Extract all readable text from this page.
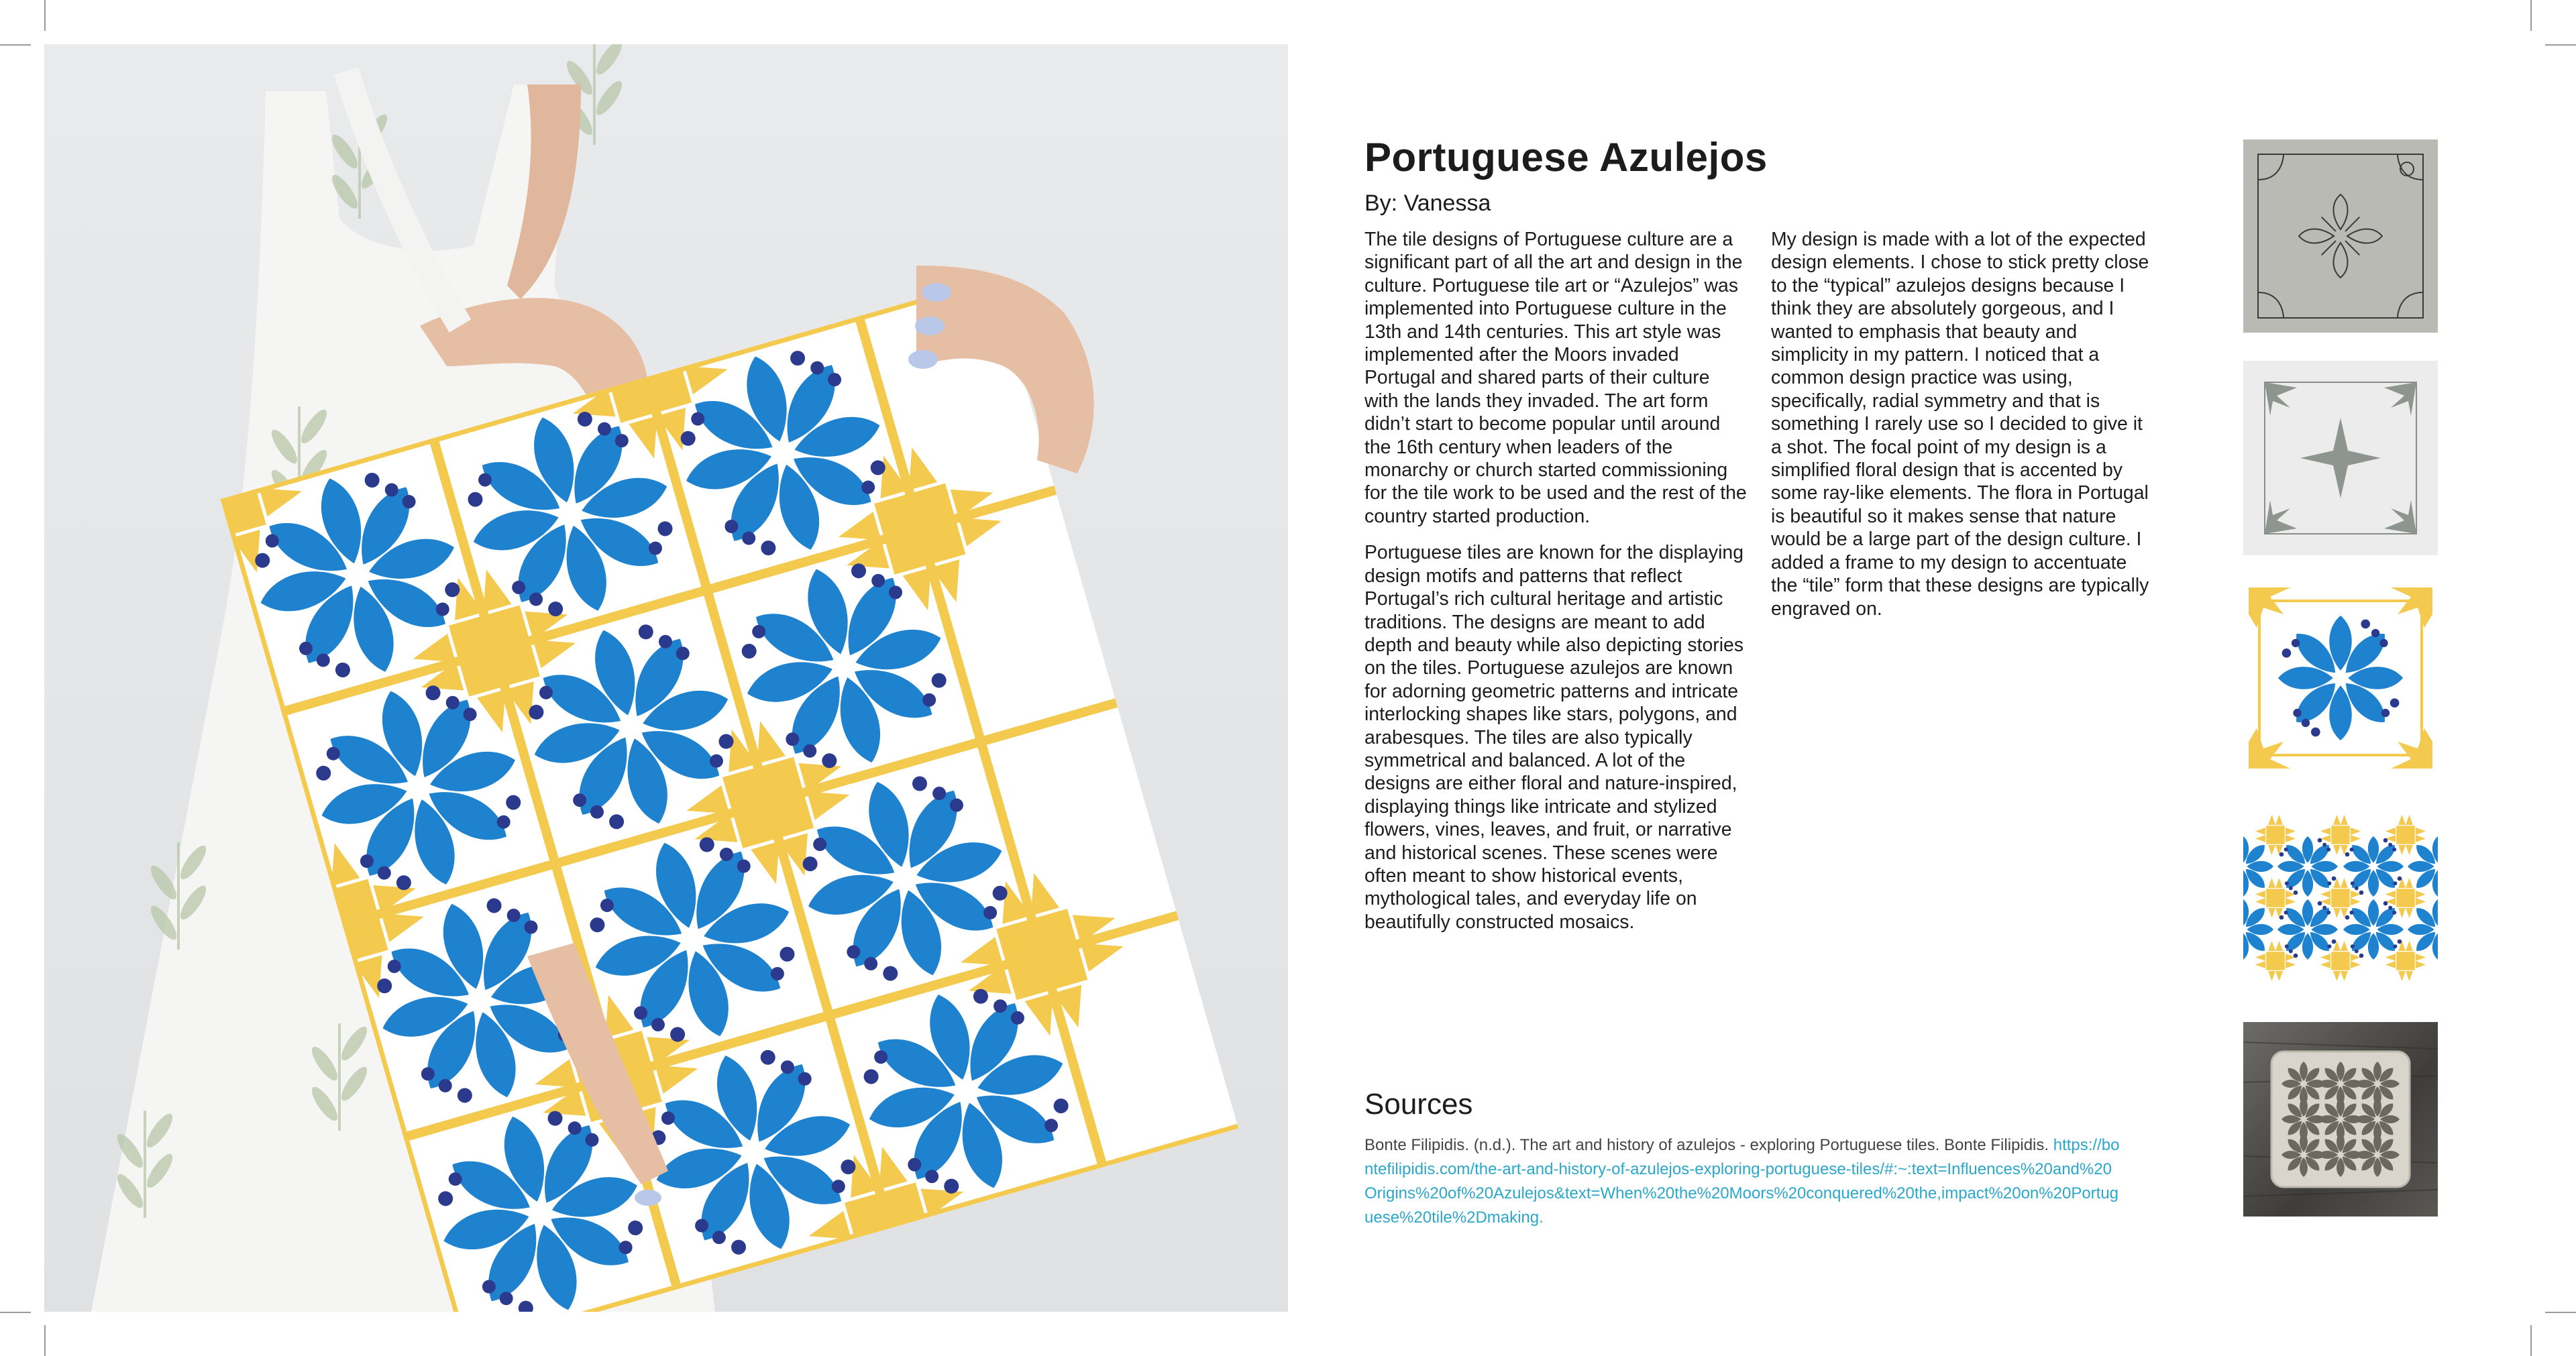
Portuguese Azulejos

By: Vanessa

The tile designs of Portuguese culture are a significant part of all the art and design in the culture. Portuguese tile art or “Azulejos” was implemented into Portuguese culture in the 13th and 14th centuries. This art style was implemented after the Moors invaded Portugal and shared parts of their culture with the lands they invaded. The art form didn’t start to become popular until around the 16th century when leaders of the monarchy or church started commissioning for the tile work to be used and the rest of the country started production.

Portuguese tiles are known for the displaying design motifs and patterns that reflect Portugal’s rich cultural heritage and artistic traditions. The designs are meant to add depth and beauty while also depicting stories on the tiles. Portuguese azulejos are known for adorning geometric patterns and intricate interlocking shapes like stars, polygons, and arabesques. The tiles are also typically symmetrical and balanced. A lot of the designs are either floral and nature-inspired, displaying things like intricate and stylized flowers, vines, leaves, and fruit, or narrative and historical scenes. These scenes were often meant to show historical events, mythological tales, and everyday life on beautifully constructed mosaics.

My design is made with a lot of the expected design elements. I chose to stick pretty close to the “typical” azulejos designs because I think they are absolutely gorgeous, and I wanted to emphasis that beauty and simplicity in my pattern. I noticed that a common design practice was using, specifically, radial symmetry and that is something I rarely use so I decided to give it a shot. The focal point of my design is a simplified floral design that is accented by some ray-like elements. The flora in Portugal is beautiful so it makes sense that nature would be a large part of the design culture. I added a frame to my design to accentuate the “tile” form that these designs are typically engraved on.

Sources
Bonte Filipidis. (n.d.). The art and history of azulejos - exploring Portuguese tiles. Bonte Filipidis. https://bontefilipidis.com/the-art-and-history-of-azulejos-exploring-portuguese-tiles/#:~:text=Influences%20and%20Origins%20of%20Azulejos&text=When%20the%20Moors%20conquered%20the,impact%20on%20Portuguese%20tile%2Dmaking.
